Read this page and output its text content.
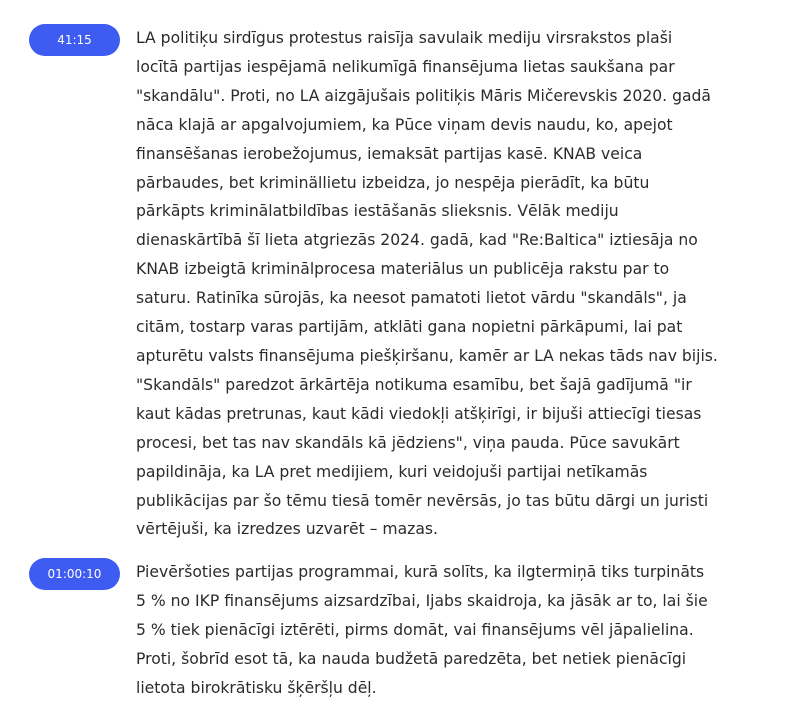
41:15	LA politiķu sirdīgus protestus raisīja savulaik mediju virsrakstos plaši locītā partijas iespējamā nelikumīgā finansējuma lietas saukšana par "skandālu". Proti, no LA aizgājušais politiķis Māris Mičerevskis 2020. gadā nāca klajā ar apgalvojumiem, ka Pūce viņam devis naudu, ko, apejot finansēšanas ierobežojumus, iemaksāt partijas kasē. KNAB veica pārbaudes, bet kriminällietu izbeidza, jo nespēja pierādīt, ka būtu pārkāpts kriminālatbildības iestāšanās slieksnis. Vēlāk mediju dienaskārtībā šī lieta atgriezās 2024. gadā, kad "Re:Baltica" iztiesāja no KNAB izbeigtā kriminālprocesa materiālus un publicēja rakstu par to saturu. Ratinīka sūrojās, ka neesot pamatoti lietot vārdu "skandāls", ja citām, tostarp varas partijām, atklāti gana nopietni pārkāpumi, lai pat apturētu valsts finansējuma piešķiršanu, kamēr ar LA nekas tāds nav bijis. "Skandāls" paredzot ārkārtēja notikuma esamību, bet šajā gadījumā "ir kaut kādas pretrunas, kaut kādi viedokļi atšķirīgi, ir bijuši attiecīgi tiesas procesi, bet tas nav skandāls kā jēdziens", viņa pauda. Pūce savukārt papildināja, ka LA pret medijiem, kuri veidojuši partijai netīkamās publikācijas par šo tēmu tiesā tomēr nevērsās, jo tas būtu dārgi un juristi vērtējuši, ka izredzes uzvarēt – mazas.

01:00:10	Pievēršoties partijas programmai, kurā solīts, ka ilgtermiņā tiks turpināts 5 % no IKP finansējums aizsardzībai, Ijabs skaidroja, ka jāsāk ar to, lai šie 5 % tiek pienācīgi iztērēti, pirms domāt, vai finansējums vēl jāpalielina. Proti, šobrīd esot tā, ka nauda budžetā paredzēta, bet netiek pienācīgi lietota birokrātisku šķēršļu dēļ.
